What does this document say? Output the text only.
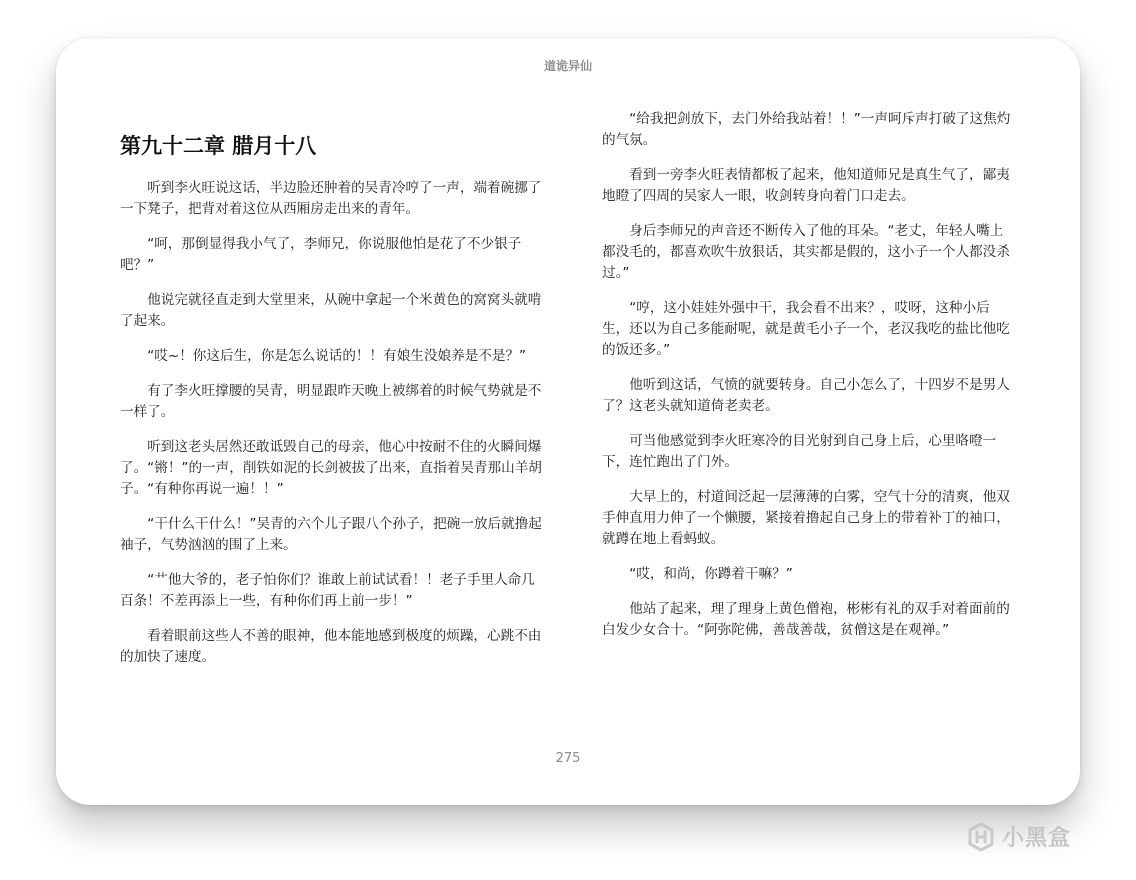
道诡异仙
第九十二章 腊月十八

听到李火旺说这话，半边脸还肿着的吴青冷哼了一声，端着碗挪了一下凳子，把背对着这位从西厢房走出来的青年。

“呵，那倒显得我小气了，李师兄，你说服他怕是花了不少银子吧？”

他说完就径直走到大堂里来，从碗中拿起一个米黄色的窝窝头就啃了起来。

“哎~！你这后生，你是怎么说话的！！有娘生没娘养是不是？”

有了李火旺撑腰的吴青，明显跟昨天晚上被绑着的时候气势就是不一样了。

听到这老头居然还敢诋毁自己的母亲，他心中按耐不住的火瞬间爆了。“锵！”的一声，削铁如泥的长剑被拔了出来，直指着吴青那山羊胡子。“有种你再说一遍！！”

“干什么干什么！”吴青的六个儿子跟八个孙子，把碗一放后就撸起袖子，气势汹汹的围了上来。

“艹他大爷的，老子怕你们？谁敢上前试试看！！老子手里人命几百条！不差再添上一些，有种你们再上前一步！”

看着眼前这些人不善的眼神，他本能地感到极度的烦躁，心跳不由的加快了速度。

“给我把剑放下，去门外给我站着！！”一声呵斥声打破了这焦灼的气氛。

看到一旁李火旺表情都板了起来，他知道师兄是真生气了，鄙夷地瞪了四周的吴家人一眼，收剑转身向着门口走去。

身后李师兄的声音还不断传入了他的耳朵。“老丈，年轻人嘴上都没毛的，都喜欢吹牛放狠话，其实都是假的，这小子一个人都没杀过。”

“哼，这小娃娃外强中干，我会看不出来？，哎呀，这种小后生，还以为自己多能耐呢，就是黄毛小子一个，老汉我吃的盐比他吃的饭还多。”

他听到这话，气愤的就要转身。自己小怎么了，十四岁不是男人了？这老头就知道倚老卖老。

可当他感觉到李火旺寒冷的目光射到自己身上后，心里咯噔一下，连忙跑出了门外。

大早上的，村道间泛起一层薄薄的白雾，空气十分的清爽，他双手伸直用力伸了一个懒腰，紧接着撸起自己身上的带着补丁的袖口，就蹲在地上看蚂蚁。

“哎，和尚，你蹲着干嘛？”

他站了起来，理了理身上黄色僧袍，彬彬有礼的双手对着面前的白发少女合十。“阿弥陀佛，善哉善哉，贫僧这是在观禅。”

275
小黑盒
